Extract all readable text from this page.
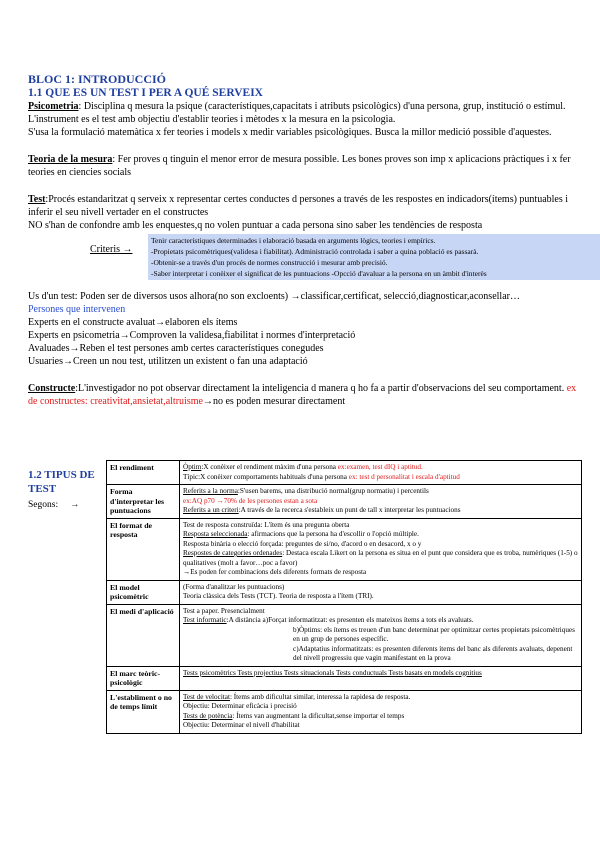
BLOC 1: INTRODUCCIÓ
1.1 QUE ES UN TEST I PER A QUÉ SERVEIX

Psicometria: Disciplina q mesura la psique (característiques,capacitats i atributs psicològics) d'una persona, grup, institució o estímul. L'instrument es el test amb objectiu d'establir teories i mètodes x la mesura en la psicologia.

S'usa la formulació matemàtica x fer teories i models x medir variables psicològiques. Busca la millor medició possible d'aquestes.

Teoria de la mesura: Fer proves q tinguin el menor error de mesura possible. Les bones proves son imp x aplicacions pràctiques i x fer teories en ciencies socials

Test:Procés estandaritzat q serveix x representar certes conductes d persones a través de les respostes en indicadors(ítems) puntuables i inferir el seu nivell vertader en el constructes

NO s'han de confondre amb les enquestes,q no volen puntuar a cada persona sino saber les tendències de resposta

Criteris →
Tenir característiques determinades i elaboració basada en arguments lògics, teories i empírics.
-Propietats psicomètriques(validesa i fiabilitat). Administració controlada i saber a quina població es passarà.
-Obtenir-se a través d'un procés de normes construcció i mesurar amb precisió.
-Saber interpretar i conèixer el significat de les puntuacions -Opcció d'avaluar a la persona en un àmbit d'interès

Us d'un test: Poden ser de diversos usos alhora(no son excloents) →classificar,certificat, selecció,diagnosticar,aconsellar…

Persones que intervenen

Experts en el constructe avaluat→elaboren els ítems

Experts en psicometria→Comproven la validesa,fiabilitat i normes d'interpretació

Avaluades→Reben el test persones amb certes característiques conegudes

Usuaries→Creen un nou test, utilitzen un existent o fan una adaptació

Constructe:L'investigador no pot observar directament la inteligencia d manera q ho fa a partir d'observacions del seu comportament. ex de constructes: creativitat,ansietat,altruisme→no es poden mesurar directament

1.2 TIPUS DE TEST
Segons: →
El rendiment	Òptim:X conèixer el rendiment màxim d'una persona ex:examen, test dIQ i aptitud.
Típic:X conèixer comportaments habituals d'una persona ex: test d personalitat i escala d'aptitud

Forma d'interpretar les puntuacions	Referits a la norma:S'usen barems, una distribució normal(grup normatiu) i percentils
ex:AQ p70 →70% de les persones estan a sota
Referits a un criteri:A través de la recerca s'estableix un punt de tall x interpretar les puntuacions

El format de resposta	Test de resposta construïda: L'ítem és una pregunta oberta
Resposta seleccionada: afirmacions que la persona ha d'escollir o l'opció múltiple.
Resposta binària o elecció forçada: preguntes de si/no, d'acord o en desacord, x o y
Respostes de categories ordenades: Destaca escala Likert on la persona es situa en el punt que considera que es troba, numèriques (1-5) o qualitatives (molt a favor…poc a favor)
→Es poden fer combinacions dels diferents formats de resposta

El model psicomètric	(Forma d'analitzar les puntuacions)
Teoria clàssica dels Tests (TCT). Teoria de resposta a l'ítem (TRI).

El medi d'aplicació	Test a paper. Presencialment
Test informatic:A distància a)Forçat informatitzat: es presenten els mateixos ítems a tots els avaluats.
b)Òptims: els ítems es treuen d'un banc determinat per optimitzar certes propietats psicomètriques en un grup de persones específic.
c)Adaptatius informatitzats: es presenten diferents ítems del banc als diferents avaluats, depenent del nivell progressiu que vagin manifestant en la prova

El marc teòric-psicològic	Tests psicomètrics Tests projectius Tests situacionals Tests conductuals Tests basats en models cognitius

L'establiment o no de temps límit	Test de velocitat: Ítems amb dificultat similar, interessa la rapidesa de resposta.
Objectiu: Determinar eficàcia i precisió
Tests de potència: Ítems van augmentant la dificultat,sense importar el temps
Objectiu: Determinar el nivell d'habilitat
